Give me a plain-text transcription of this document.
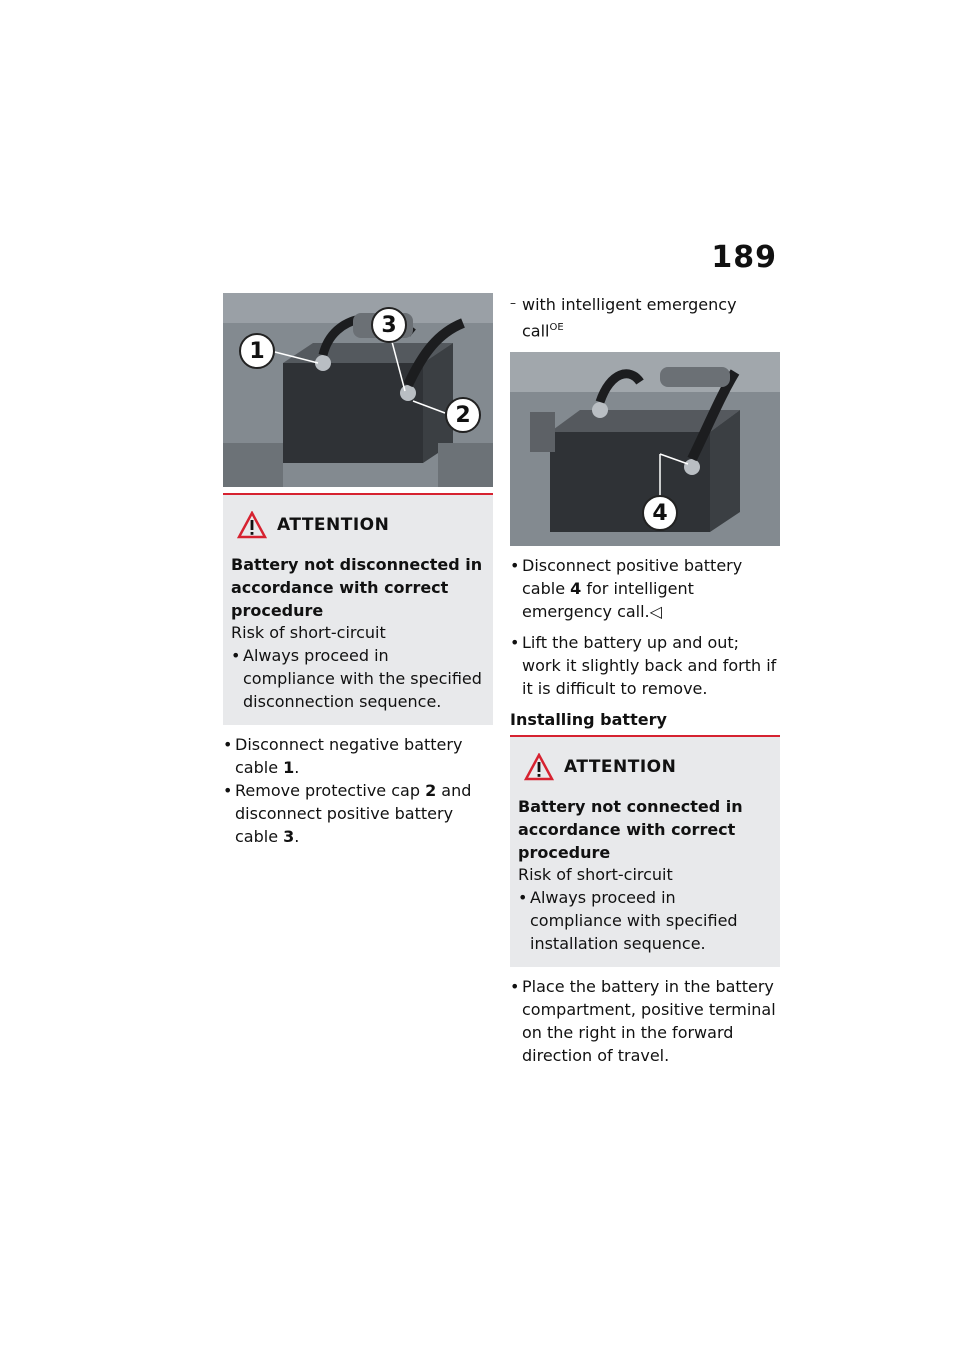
189
1
3
2
ATTENTION
Battery not disconnected in accordance with correct procedure
Risk of short-circuit
• Always proceed in compliance with the specified disconnection sequence.
• Disconnect negative battery cable 1.
• Remove protective cap 2 and disconnect positive battery cable 3.
– with intelligent emergency call$^{OE}$
4
• Disconnect positive battery cable 4 for intelligent emergency call.◁
• Lift the battery up and out; work it slightly back and forth if it is difficult to remove.
Installing battery
ATTENTION
Battery not connected in accordance with correct procedure
Risk of short-circuit
• Always proceed in compliance with specified installation sequence.
• Place the battery in the battery compartment, positive terminal on the right in the forward direction of travel.
